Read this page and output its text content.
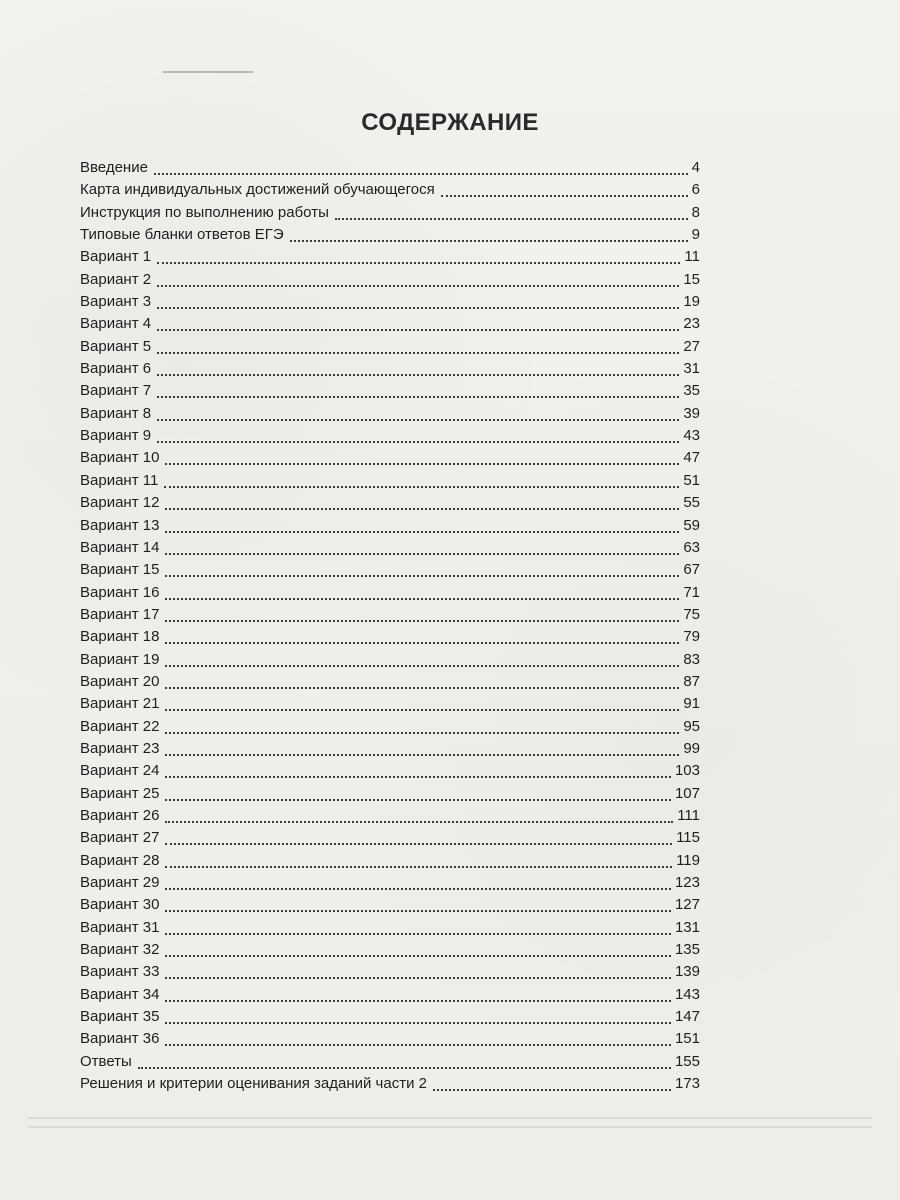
СОДЕРЖАНИЕ
Введение	4
Карта индивидуальных достижений обучающегося	6
Инструкция по выполнению работы	8
Типовые бланки ответов ЕГЭ	9
Вариант 1	11
Вариант 2	15
Вариант 3	19
Вариант 4	23
Вариант 5	27
Вариант 6	31
Вариант 7	35
Вариант 8	39
Вариант 9	43
Вариант 10	47
Вариант 11	51
Вариант 12	55
Вариант 13	59
Вариант 14	63
Вариант 15	67
Вариант 16	71
Вариант 17	75
Вариант 18	79
Вариант 19	83
Вариант 20	87
Вариант 21	91
Вариант 22	95
Вариант 23	99
Вариант 24	103
Вариант 25	107
Вариант 26	111
Вариант 27	115
Вариант 28	119
Вариант 29	123
Вариант 30	127
Вариант 31	131
Вариант 32	135
Вариант 33	139
Вариант 34	143
Вариант 35	147
Вариант 36	151
Ответы	155
Решения и критерии оценивания заданий части 2	173
